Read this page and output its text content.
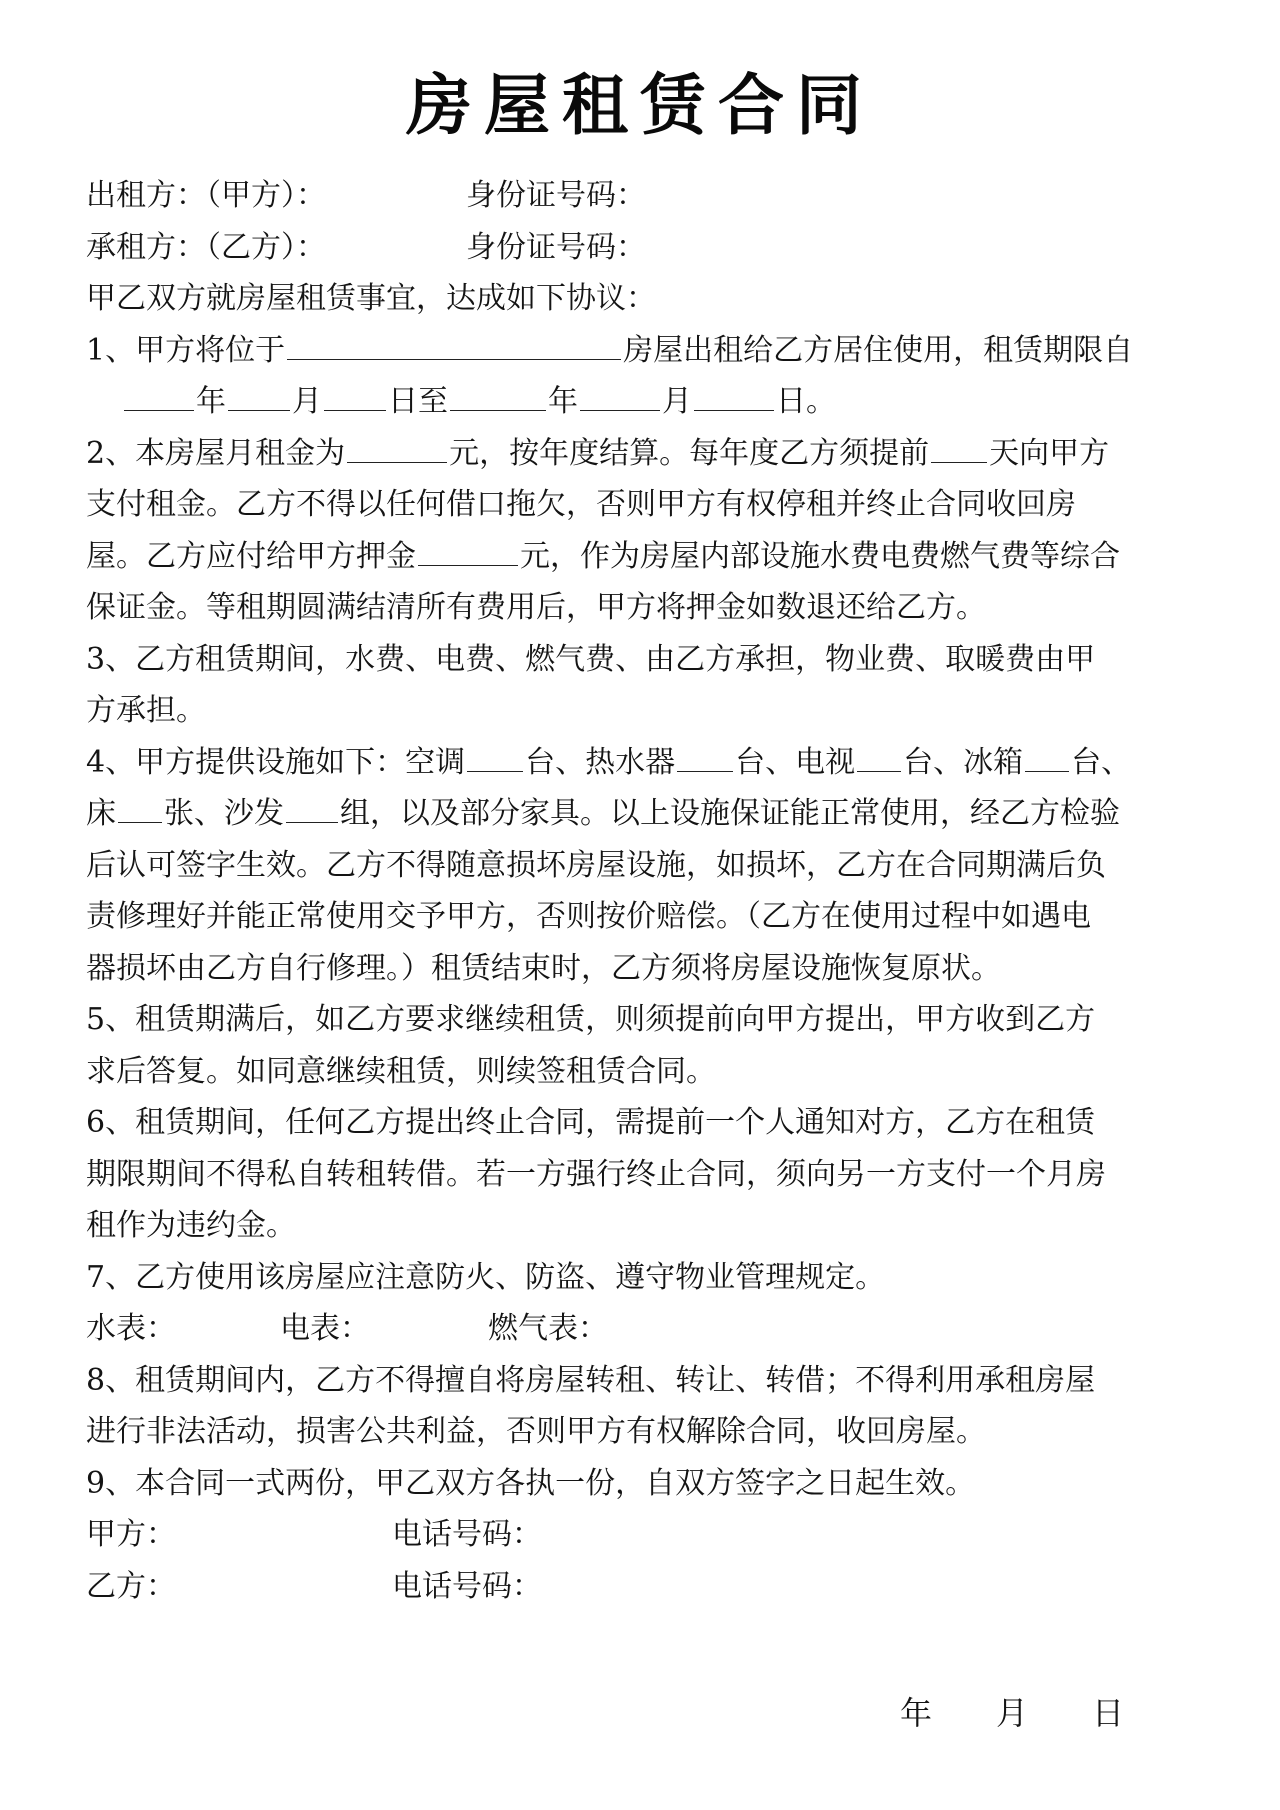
房屋租赁合同
出租方：（甲方）：	身份证号码：
承租方：（乙方）：	身份证号码：
甲乙双方就房屋租赁事宜，达成如下协议：
1、甲方将位于	房屋出租给乙方居住使用，租赁期限自
年 月 日至	年	月	日。
2、本房屋月租金为	元，按年度结算。每年度乙方须提前 天向甲方
支付租金。乙方不得以任何借口拖欠，否则甲方有权停租并终止合同收回房
屋。乙方应付给甲方押金	元，作为房屋内部设施水费电费燃气费等综合
保证金。等租期圆满结清所有费用后，甲方将押金如数退还给乙方。
3、乙方租赁期间，水费、电费、燃气费、由乙方承担，物业费、取暖费由甲
方承担。
4、甲方提供设施如下：空调 台、热水器 台、电视 台、冰箱 台、
床 张、沙发 组，以及部分家具。以上设施保证能正常使用，经乙方检验
后认可签字生效。乙方不得随意损坏房屋设施，如损坏，乙方在合同期满后负
责修理好并能正常使用交予甲方，否则按价赔偿。（乙方在使用过程中如遇电
器损坏由乙方自行修理。）租赁结束时，乙方须将房屋设施恢复原状。
5、租赁期满后，如乙方要求继续租赁，则须提前向甲方提出，甲方收到乙方
求后答复。如同意继续租赁，则续签租赁合同。
6、租赁期间，任何乙方提出终止合同，需提前一个人通知对方，乙方在租赁
期限期间不得私自转租转借。若一方强行终止合同，须向另一方支付一个月房
租作为违约金。
7、乙方使用该房屋应注意防火、防盗、遵守物业管理规定。
水表：	电表：	燃气表：
8、租赁期间内，乙方不得擅自将房屋转租、转让、转借；不得利用承租房屋
进行非法活动，损害公共利益，否则甲方有权解除合同，收回房屋。
9、本合同一式两份，甲乙双方各执一份，自双方签字之日起生效。
甲方：	电话号码：
乙方：	电话号码：
年 月 日
